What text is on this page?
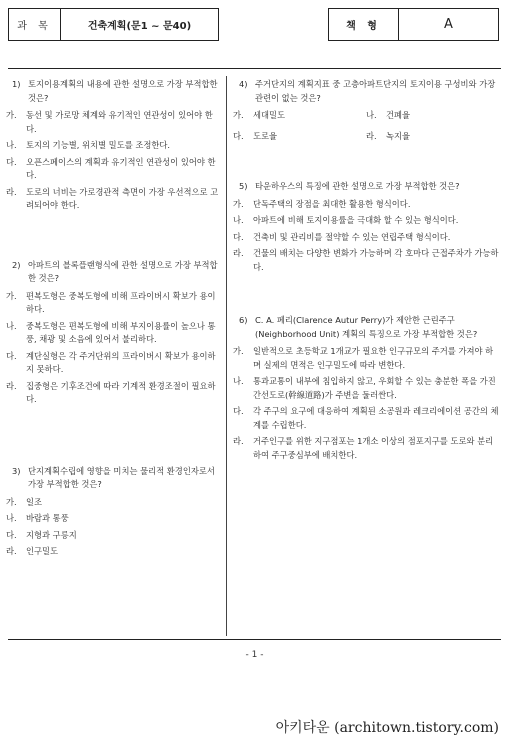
과 목	건축계획(문1 ~ 문40)	책 형	A
1) 토지이용계획의 내용에 관한 설명으로 가장 부적합한 것은?
가.	동선 및 가로망 체계와 유기적인 연관성이 있어야 한다.
나.	토지의 기능별, 위치별 밀도를 조정한다.
다.	오픈스페이스의 계획과 유기적인 연관성이 있어야 한다.
라.	도로의 너비는 가로경관적 측면이 가장 우선적으로 고려되어야 한다.
2) 아파트의 블록플랜형식에 관한 설명으로 가장 부적합한 것은?
가.	편복도형은 중복도형에 비해 프라이버시 확보가 용이하다.
나.	중복도형은 편복도형에 비해 부지이용률이 높으나 통풍, 채광 및 소음에 있어서 불리하다.
다.	계단실형은 각 주거단위의 프라이버시 확보가 용이하지 못하다.
라.	집중형은 기후조건에 따라 기계적 환경조절이 필요하다.
3) 단지계획수립에 영향을 미치는 물리적 환경인자로서 가장 부적합한 것은?
가.	일조
나.	바람과 통풍
다.	지형과 구릉지
라.	인구밀도
4) 주거단지의 계획지표 중 고층아파트단지의 토지이용 구성비와 가장 관련이 없는 것은?
가.	세대밀도	나.	건폐율
다.	도로율	라.	녹지율
5) 타운하우스의 특징에 관한 설명으로 가장 부적합한 것은?
가.	단독주택의 장점을 최대한 활용한 형식이다.
나.	아파트에 비해 토지이용률을 극대화 할 수 있는 형식이다.
다.	건축비 및 관리비를 절약할 수 있는 연립주택 형식이다.
라.	건물의 배치는 다양한 변화가 가능하며 각 호마다 근접주차가 가능하다.
6) C. A. 페리(Clarence Autur Perry)가 제안한 근린주구(Neighborhood Unit) 계획의 특징으로 가장 부적합한 것은?
가.	일반적으로 초등학교 1개교가 필요한 인구규모의 주거를 가져야 하며 실제의 면적은 인구밀도에 따라 변한다.
나.	통과교통이 내부에 침입하지 않고, 우회할 수 있는 충분한 폭을 가진 간선도로(幹線道路)가 주변을 둘러싼다.
다.	각 주구의 요구에 대응하여 계획된 소공원과 레크리에이션 공간의 체계를 수립한다.
라.	거주인구를 위한 지구점포는 1개소 이상의 점포지구를 도로와 분리하여 주구중심부에 배치한다.
- 1 -
아키타운 (architown.tistory.com)
